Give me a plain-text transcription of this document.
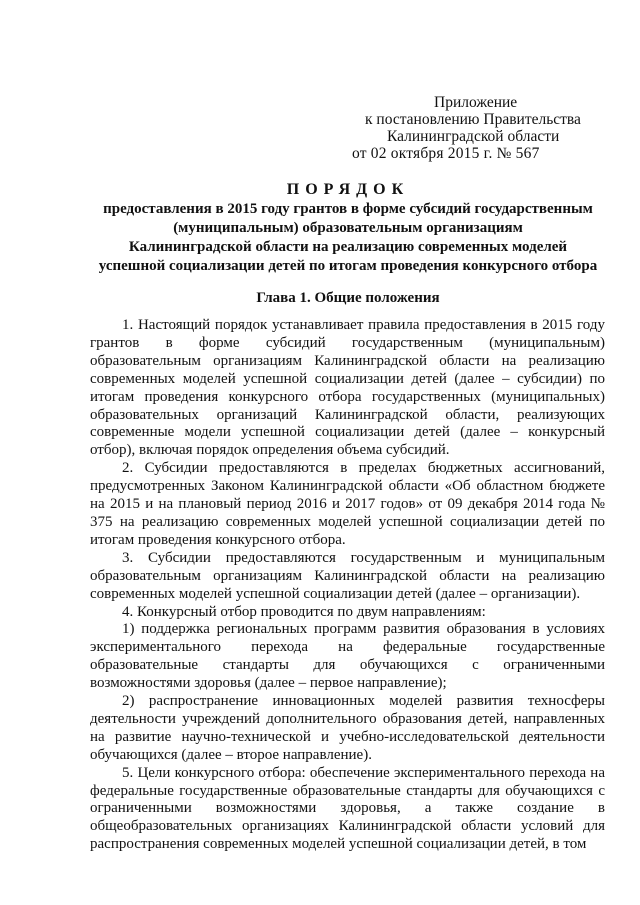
Приложение
к постановлению Правительства
Калининградской области
от 02 октября 2015 г. № 567
ПОРЯДОК
предоставления в 2015 году грантов в форме субсидий государственным
(муниципальным) образовательным организациям
Калининградской области на реализацию современных моделей
успешной социализации детей по итогам проведения конкурсного отбора
Глава 1. Общие положения

1. Настоящий порядок устанавливает правила предоставления в 2015 году грантов в форме субсидий государственным (муниципальным) образовательным организациям Калининградской области на реализацию современных моделей успешной социализации детей (далее – субсидии) по итогам проведения конкурсного отбора государственных (муниципальных) образовательных организаций Калининградской области, реализующих современные модели успешной социализации детей (далее – конкурсный отбор), включая порядок определения объема субсидий.

2. Субсидии предоставляются в пределах бюджетных ассигнований, предусмотренных Законом Калининградской области «Об областном бюджете на 2015 и на плановый период 2016 и 2017 годов» от 09 декабря 2014 года № 375 на реализацию современных моделей успешной социализации детей по итогам проведения конкурсного отбора.

3. Субсидии предоставляются государственным и муниципальным образовательным организациям Калининградской области на реализацию современных моделей успешной социализации детей (далее – организации).

4. Конкурсный отбор проводится по двум направлениям:

1) поддержка региональных программ развития образования в условиях экспериментального перехода на федеральные государственные образовательные стандарты для обучающихся с ограниченными возможностями здоровья (далее – первое направление);

2) распространение инновационных моделей развития техносферы деятельности учреждений дополнительного образования детей, направленных на развитие научно-технической и учебно-исследовательской деятельности обучающихся (далее – второе направление).

5. Цели конкурсного отбора: обеспечение экспериментального перехода на федеральные государственные образовательные стандарты для обучающихся с ограниченными возможностями здоровья, а также создание в общеобразовательных организациях Калининградской области условий для распространения современных моделей успешной социализации детей, в том
